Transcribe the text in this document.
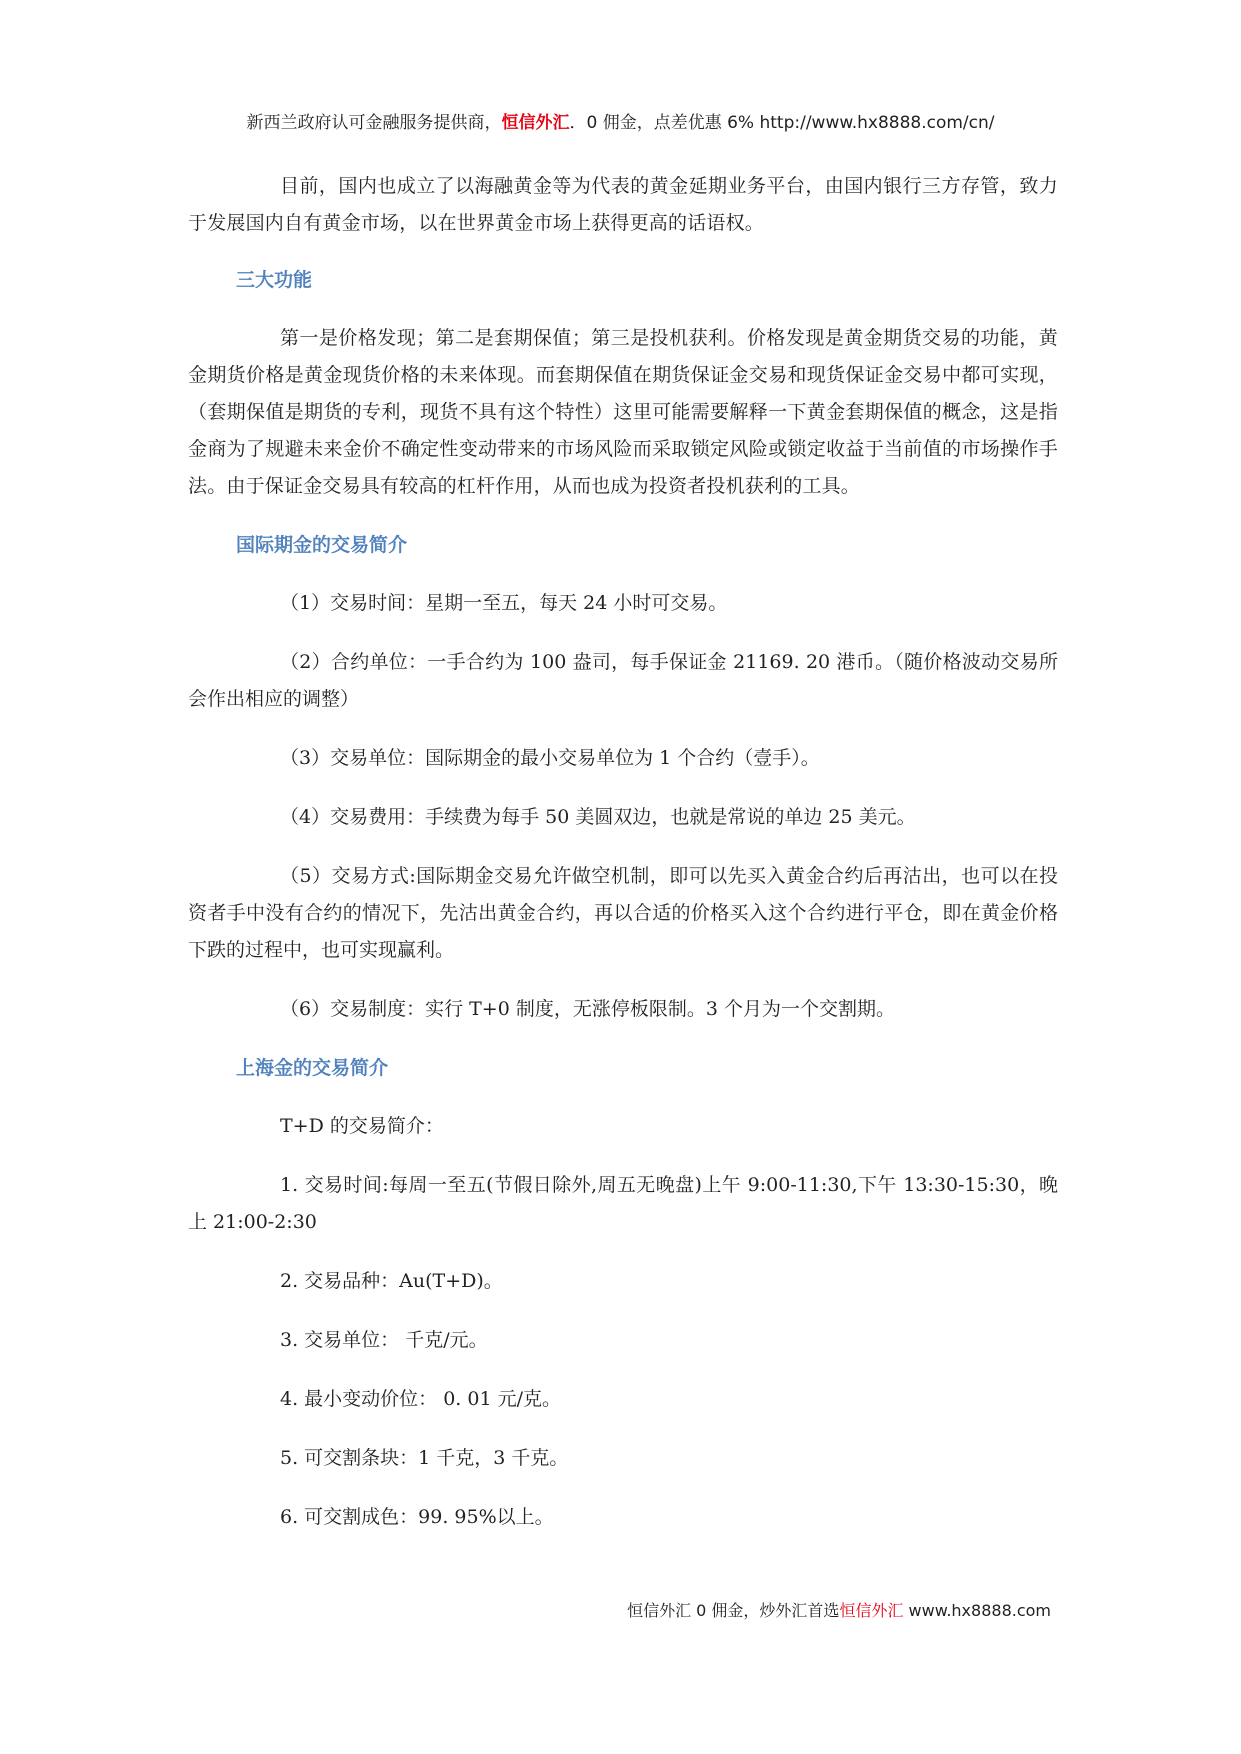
新西兰政府认可金融服务提供商，恒信外汇．0 佣金，点差优惠 6% http://www.hx8888.com/cn/

目前，国内也成立了以海融黄金等为代表的黄金延期业务平台，由国内银行三方存管，致力于发展国内自有黄金市场，以在世界黄金市场上获得更高的话语权。

三大功能

第一是价格发现；第二是套期保值；第三是投机获利。价格发现是黄金期货交易的功能，黄金期货价格是黄金现货价格的未来体现。而套期保值在期货保证金交易和现货保证金交易中都可实现，（套期保值是期货的专利，现货不具有这个特性）这里可能需要解释一下黄金套期保值的概念，这是指金商为了规避未来金价不确定性变动带来的市场风险而采取锁定风险或锁定收益于当前值的市场操作手法。由于保证金交易具有较高的杠杆作用，从而也成为投资者投机获利的工具。

国际期金的交易简介

（1）交易时间：星期一至五，每天 24 小时可交易。

（2）合约单位：一手合约为 100 盎司，每手保证金 21169. 20 港币。（随价格波动交易所会作出相应的调整）

（3）交易单位：国际期金的最小交易单位为 1 个合约（壹手）。

（4）交易费用：手续费为每手 50 美圆双边，也就是常说的单边 25 美元。

（5）交易方式:国际期金交易允许做空机制，即可以先买入黄金合约后再沽出，也可以在投资者手中没有合约的情况下，先沽出黄金合约，再以合适的价格买入这个合约进行平仓，即在黄金价格下跌的过程中，也可实现赢利。

（6）交易制度：实行 T+0 制度，无涨停板限制。3 个月为一个交割期。

上海金的交易简介

T+D 的交易简介：

1. 交易时间:每周一至五(节假日除外,周五无晚盘)上午 9:00-11:30,下午 13:30-15:30，晚上 21:00-2:30

2. 交易品种：Au(T+D)。

3. 交易单位： 千克/元。

4. 最小变动价位： 0. 01 元/克。

5. 可交割条块：1 千克，3 千克。

6. 可交割成色：99. 95%以上。

恒信外汇 0 佣金，炒外汇首选恒信外汇 www.hx8888.com
